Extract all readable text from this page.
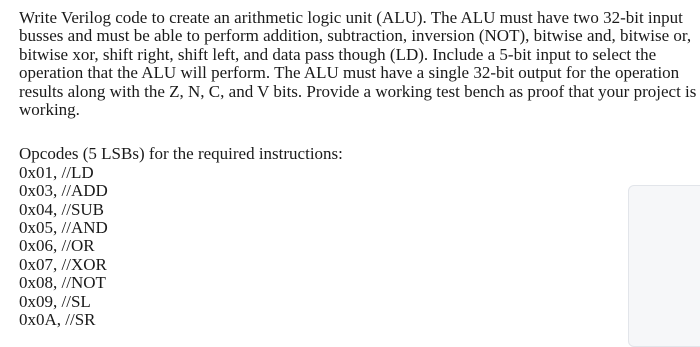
Write Verilog code to create an arithmetic logic unit (ALU). The ALU must have two 32-bit input
busses and must be able to perform addition, subtraction, inversion (NOT), bitwise and, bitwise or,
bitwise xor, shift right, shift left, and data pass though (LD). Include a 5-bit input to select the
operation that the ALU will perform. The ALU must have a single 32-bit output for the operation
results along with the Z, N, C, and V bits. Provide a working test bench as proof that your project is
working.

Opcodes (5 LSBs) for the required instructions:
0x01, //LD
0x03, //ADD
0x04, //SUB
0x05, //AND
0x06, //OR
0x07, //XOR
0x08, //NOT
0x09, //SL
0x0A, //SR
